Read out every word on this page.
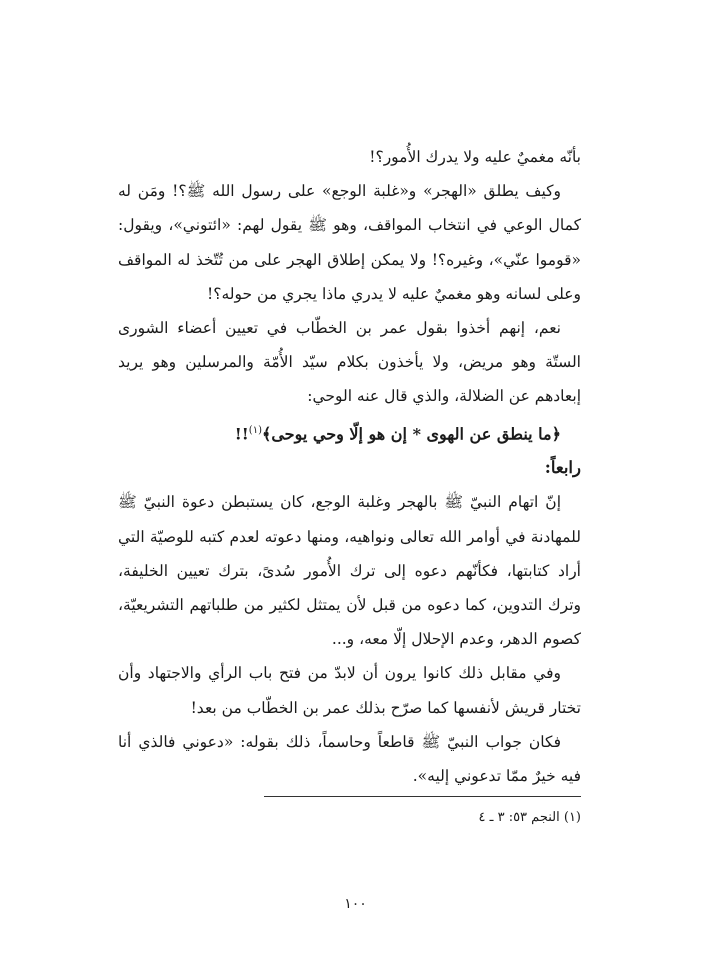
بأنّه مغميٌ عليه ولا يدرك الأُمور؟!

وكيف يطلق «الهجر» و«غلبة الوجع» على رسول الله ﷺ؟! ومَن له كمال الوعي في انتخاب المواقف، وهو ﷺ يقول لهم: «ائتوني»، ويقول: «قوموا عنّي»، وغيره؟! ولا يمكن إطلاق الهجر على من تُتّخذ له المواقف وعلى لسانه وهو مغميٌ عليه لا يدري ماذا يجري من حوله؟!

نعم، إنهم أخذوا بقول عمر بن الخطّاب في تعيين أعضاء الشورى الستّة وهو مريض، ولا يأخذون بكلام سيّد الأُمّة والمرسلين وهو يريد إبعادهم عن الضلالة، والذي قال عنه الوحي:

﴿ما ينطق عن الهوى * إن هو إلّا وحي يوحى﴾$^{(١)}$!!

رابعاً:

إنّ اتهام النبيّ ﷺ بالهجر وغلبة الوجع، كان يستبطن دعوة النبيّ ﷺ للمهادنة في أوامر الله تعالى ونواهيه، ومنها دعوته لعدم كتبه للوصيّة التي أراد كتابتها، فكأنّهم دعوه إلى ترك الأُمور سُدىً، بترك تعيين الخليفة، وترك التدوين، كما دعوه من قبل لأن يمتثل لكثير من طلباتهم التشريعيّة، كصوم الدهر، وعدم الإحلال إلّا معه، و...

وفي مقابل ذلك كانوا يرون أن لابدّ من فتح باب الرأي والاجتهاد وأن تختار قريش لأنفسها كما صرّح بذلك عمر بن الخطّاب من بعد!

فكان جواب النبيّ ﷺ قاطعاً وحاسماً، ذلك بقوله: «دعوني فالذي أنا فيه خيرٌ ممّا تدعوني إليه».

(١) النجم ٥٣: ٣ ـ ٤
١٠٠
